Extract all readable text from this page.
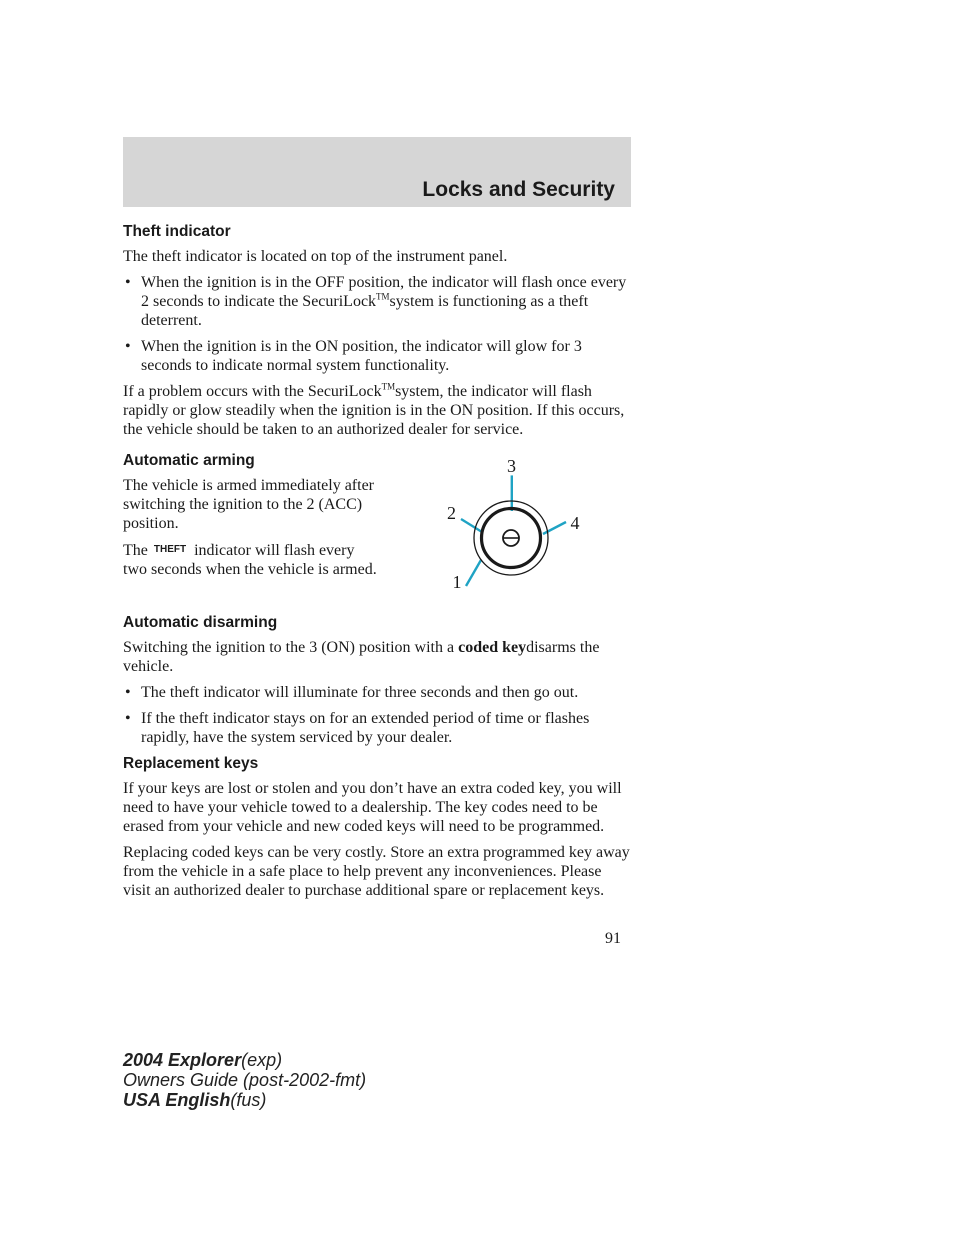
Locks and Security
Theft indicator

The theft indicator is located on top of the instrument panel.

• When the ignition is in the OFF position, the indicator will flash once every 2 seconds to indicate the SecuriLock™system is functioning as a theft deterrent.
• When the ignition is in the ON position, the indicator will glow for 3 seconds to indicate normal system functionality.

If a problem occurs with the SecuriLock™system, the indicator will flash rapidly or glow steadily when the ignition is in the ON position. If this occurs, the vehicle should be taken to an authorized dealer for service.

Automatic arming

The vehicle is armed immediately after switching the ignition to the 2 (ACC) position.

The THEFT indicator will flash every two seconds when the vehicle is armed.

3
2	4
1
Automatic disarming

Switching the ignition to the 3 (ON) position with a coded keydisarms the vehicle.

• The theft indicator will illuminate for three seconds and then go out.
• If the theft indicator stays on for an extended period of time or flashes rapidly, have the system serviced by your dealer.
Replacement keys

If your keys are lost or stolen and you don’t have an extra coded key, you will need to have your vehicle towed to a dealership. The key codes need to be erased from your vehicle and new coded keys will need to be programmed.

Replacing coded keys can be very costly. Store an extra programmed key away from the vehicle in a safe place to help prevent any inconveniences. Please visit an authorized dealer to purchase additional spare or replacement keys.

91
2004 Explorer(exp)
Owners Guide (post-2002-fmt)
USA English(fus)
